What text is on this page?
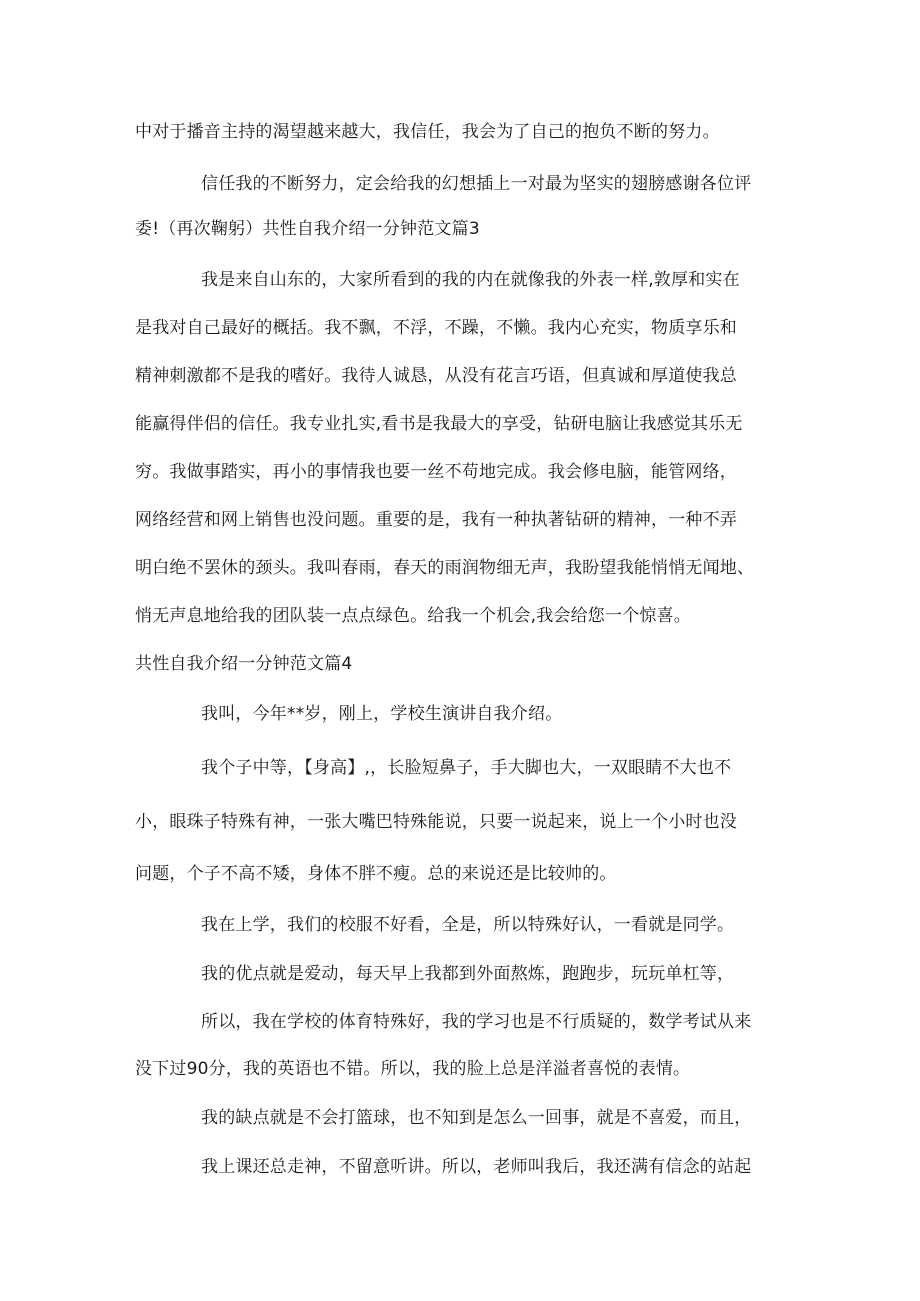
中对于播音主持的渴望越来越大，我信任，我会为了自己的抱负不断的努力。
信任我的不断努力，定会给我的幻想插上一对最为坚实的翅膀感谢各位评
委!（再次鞠躬）共性自我介绍一分钟范文篇3
我是来自山东的，大家所看到的我的内在就像我的外表一样,敦厚和实在
是我对自己最好的概括。我不飘，不浮，不躁，不懒。我内心充实，物质享乐和
精神刺激都不是我的嗜好。我待人诚恳，从没有花言巧语，但真诚和厚道使我总
能赢得伴侣的信任。我专业扎实,看书是我最大的享受，钻研电脑让我感觉其乐无
穷。我做事踏实，再小的事情我也要一丝不苟地完成。我会修电脑，能管网络，
网络经营和网上销售也没问题。重要的是，我有一种执著钻研的精神，一种不弄
明白绝不罢休的颈头。我叫春雨，春天的雨润物细无声，我盼望我能悄悄无闻地、
悄无声息地给我的团队装一点点绿色。给我一个机会,我会给您一个惊喜。
共性自我介绍一分钟范文篇4
我叫，今年**岁，刚上，学校生演讲自我介绍。
我个子中等，【身高】,，长脸短鼻子，手大脚也大，一双眼睛不大也不
小，眼珠子特殊有神，一张大嘴巴特殊能说，只要一说起来，说上一个小时也没
问题，个子不高不矮，身体不胖不瘦。总的来说还是比较帅的。
我在上学，我们的校服不好看，全是，所以特殊好认，一看就是同学。
我的优点就是爱动，每天早上我都到外面熬炼，跑跑步，玩玩单杠等，
所以，我在学校的体育特殊好，我的学习也是不行质疑的，数学考试从来
没下过90分，我的英语也不错。所以，我的脸上总是洋溢者喜悦的表情。
我的缺点就是不会打篮球，也不知到是怎么一回事，就是不喜爱，而且，
我上课还总走神，不留意听讲。所以，老师叫我后，我还满有信念的站起
